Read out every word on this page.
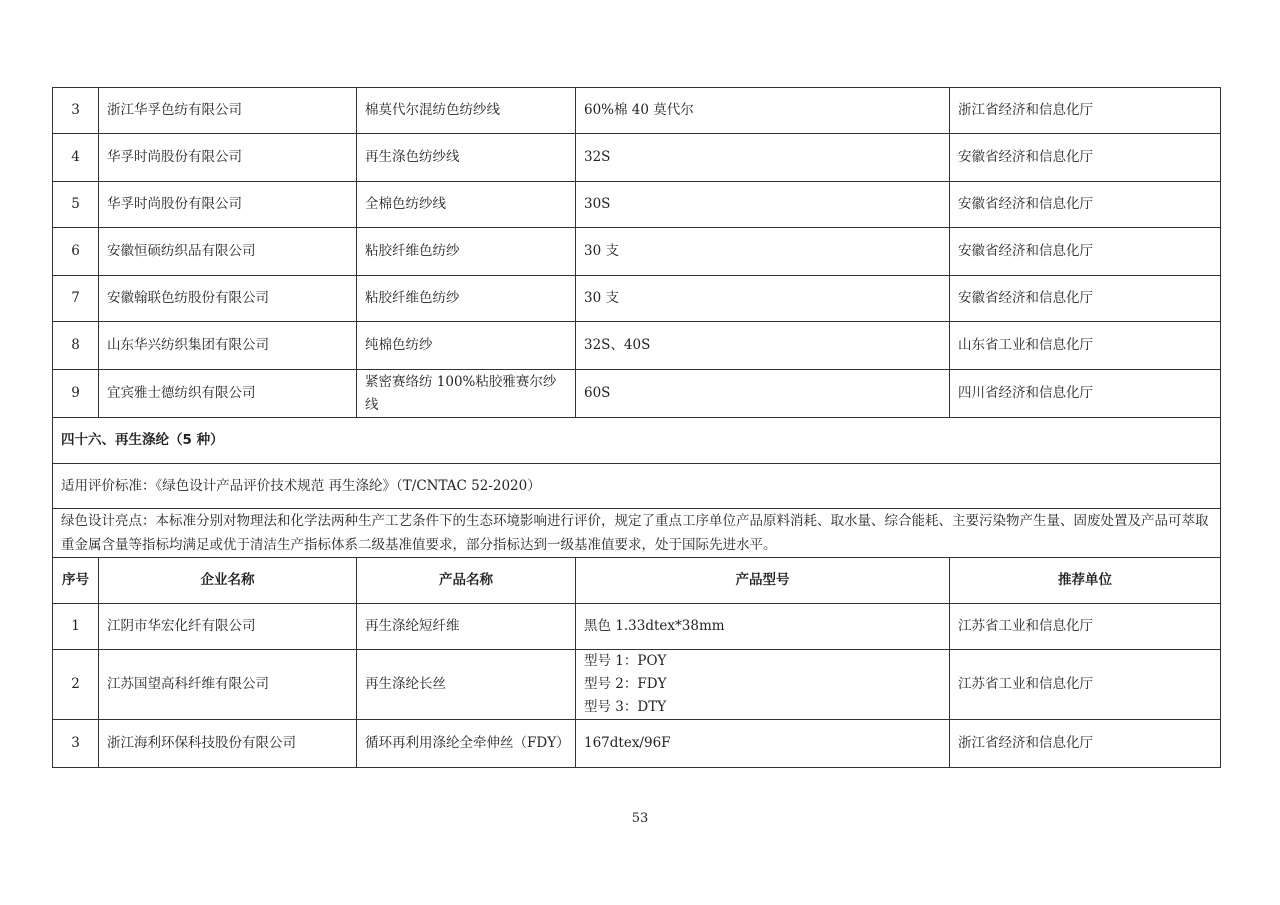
3	浙江华孚色纺有限公司	棉莫代尔混纺色纺纱线	60%棉 40 莫代尔	浙江省经济和信息化厅
4	华孚时尚股份有限公司	再生涤色纺纱线	32S	安徽省经济和信息化厅
5	华孚时尚股份有限公司	全棉色纺纱线	30S	安徽省经济和信息化厅
6	安徽恒硕纺织品有限公司	粘胶纤维色纺纱	30 支	安徽省经济和信息化厅
7	安徽翰联色纺股份有限公司	粘胶纤维色纺纱	30 支	安徽省经济和信息化厅
8	山东华兴纺织集团有限公司	纯棉色纺纱	32S、40S	山东省工业和信息化厅
9	宜宾雅士德纺织有限公司	紧密赛络纺 100%粘胶雅赛尔纱线	60S	四川省经济和信息化厅
四十六、再生涤纶（5 种）				
适用评价标准：《绿色设计产品评价技术规范 再生涤纶》（T/CNTAC 52-2020）				
绿色设计亮点：本标准分别对物理法和化学法两种生产工艺条件下的生态环境影响进行评价，规定了重点工序单位产品原料消耗、取水量、综合能耗、主要污染物产生量、固废处置及产品可萃取重金属含量等指标均满足或优于清洁生产指标体系二级基准值要求，部分指标达到一级基准值要求，处于国际先进水平。				
序号	企业名称	产品名称	产品型号	推荐单位
1	江阴市华宏化纤有限公司	再生涤纶短纤维	黑色 1.33dtex*38mm	江苏省工业和信息化厅
2	江苏国望高科纤维有限公司	再生涤纶长丝	型号 1：POY
型号 2：FDY
型号 3：DTY	江苏省工业和信息化厅
3	浙江海利环保科技股份有限公司	循环再利用涤纶全牵伸丝（FDY）	167dtex/96F	浙江省经济和信息化厅
53
